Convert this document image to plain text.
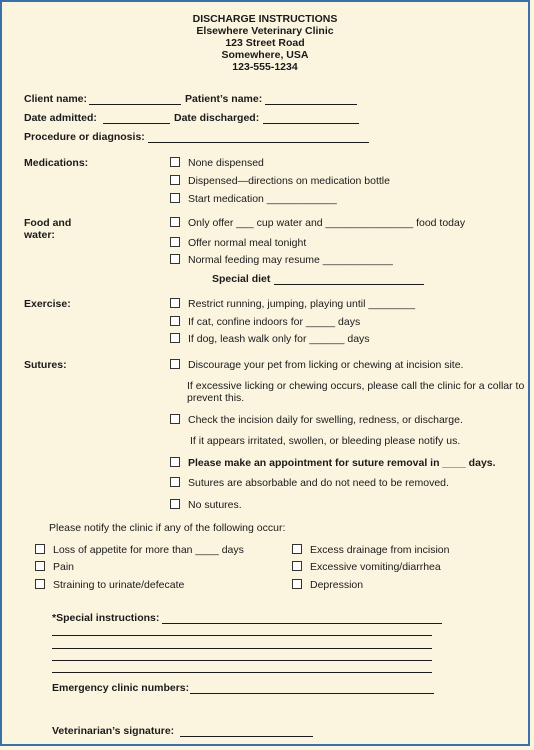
DISCHARGE INSTRUCTIONS
Elsewhere Veterinary Clinic
123 Street Road
Somewhere, USA
123-555-1234
Client name:	Patient’s name:
Date admitted:	Date discharged:
Procedure or diagnosis:
Medications:	None dispensed
Dispensed—directions on medication bottle
Start medication ____________
Food and
water:
Only offer ___ cup water and _______________ food today
Offer normal meal tonight
Normal feeding may resume ____________
Special diet
Exercise:	Restrict running, jumping, playing until ________
If cat, confine indoors for _____ days
If dog, leash walk only for ______ days
Sutures:	Discourage your pet from licking or chewing at incision site.
If excessive licking or chewing occurs, please call the clinic for a collar to
prevent this.
Check the incision daily for swelling, redness, or discharge.
If it appears irritated, swollen, or bleeding please notify us.
Please make an appointment for suture removal in ____ days.
Sutures are absorbable and do not need to be removed.
No sutures.
Please notify the clinic if any of the following occur:
Loss of appetite for more than ____ days
Pain
Straining to urinate/defecate
Excess drainage from incision
Excessive vomiting/diarrhea
Depression
*Special instructions:
Emergency clinic numbers:
Veterinarian’s signature:
